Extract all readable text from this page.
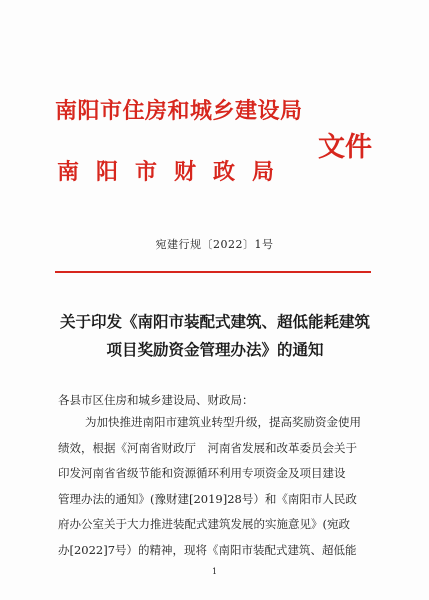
南阳市住房和城乡建设局
文件
南阳市财政局
宛建行规〔2022〕1号
关于印发《南阳市装配式建筑、超低能耗建筑
项目奖励资金管理办法》的通知
各县市区住房和城乡建设局、财政局：
为加快推进南阳市建筑业转型升级，提高奖励资金使用
绩效，根据《河南省财政厅　河南省发展和改革委员会关于
印发河南省省级节能和资源循环利用专项资金及项目建设
管理办法的通知》(豫财建[2019]28号）和《南阳市人民政
府办公室关于大力推进装配式建筑发展的实施意见》(宛政
办[2022]7号）的精神，现将《南阳市装配式建筑、超低能
1
